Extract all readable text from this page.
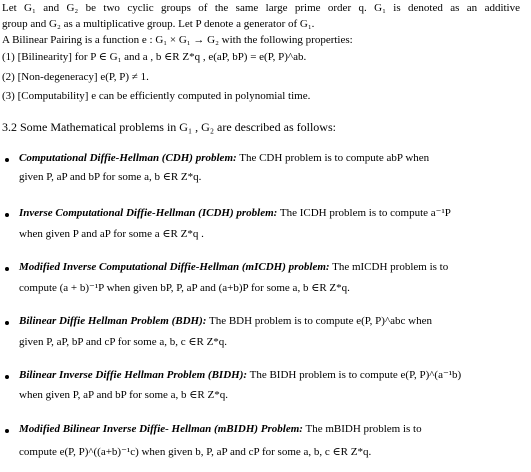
Let G₁ and G₂ be two cyclic groups of the same large prime order q. G₁ is denoted as an additive
group and G₂ as a multiplicative group. Let P denote a generator of G₁.
A Bilinear Pairing is a function e : G₁ × G₁ → G₂ with the following properties:
(1) [Bilinearity] for P ∈ G₁ and a , b ∈R Z*q , e(aP, bP) = e(P, P)^ab.
(2) [Non-degeneracy] e(P, P) ≠ 1.
(3) [Computability] e can be efficiently computed in polynomial time.
3.2 Some Mathematical problems in G₁ , G₂ are described as follows:
Computational Diffie-Hellman (CDH) problem: The CDH problem is to compute abP when
given P, aP and bP for some a, b ∈R Z*q.
Inverse Computational Diffie-Hellman (ICDH) problem: The ICDH problem is to compute a⁻¹P
when given P and aP for some a ∈R Z*q .
Modified Inverse Computational Diffie-Hellman (mICDH) problem: The mICDH problem is to
compute (a + b)⁻¹P when given bP, P, aP and (a+b)P for some a, b ∈R Z*q.
Bilinear Diffie Hellman Problem (BDH): The BDH problem is to compute e(P, P)^abc when
given P, aP, bP and cP for some a, b, c ∈R Z*q.
Bilinear Inverse Diffie Hellman Problem (BIDH): The BIDH problem is to compute e(P, P)^(a⁻¹b)
when given P, aP and bP for some a, b ∈R Z*q.
Modified Bilinear Inverse Diffie- Hellman (mBIDH) Problem: The mBIDH problem is to
compute e(P, P)^((a+b)⁻¹c) when given b, P, aP and cP for some a, b, c ∈R Z*q.
